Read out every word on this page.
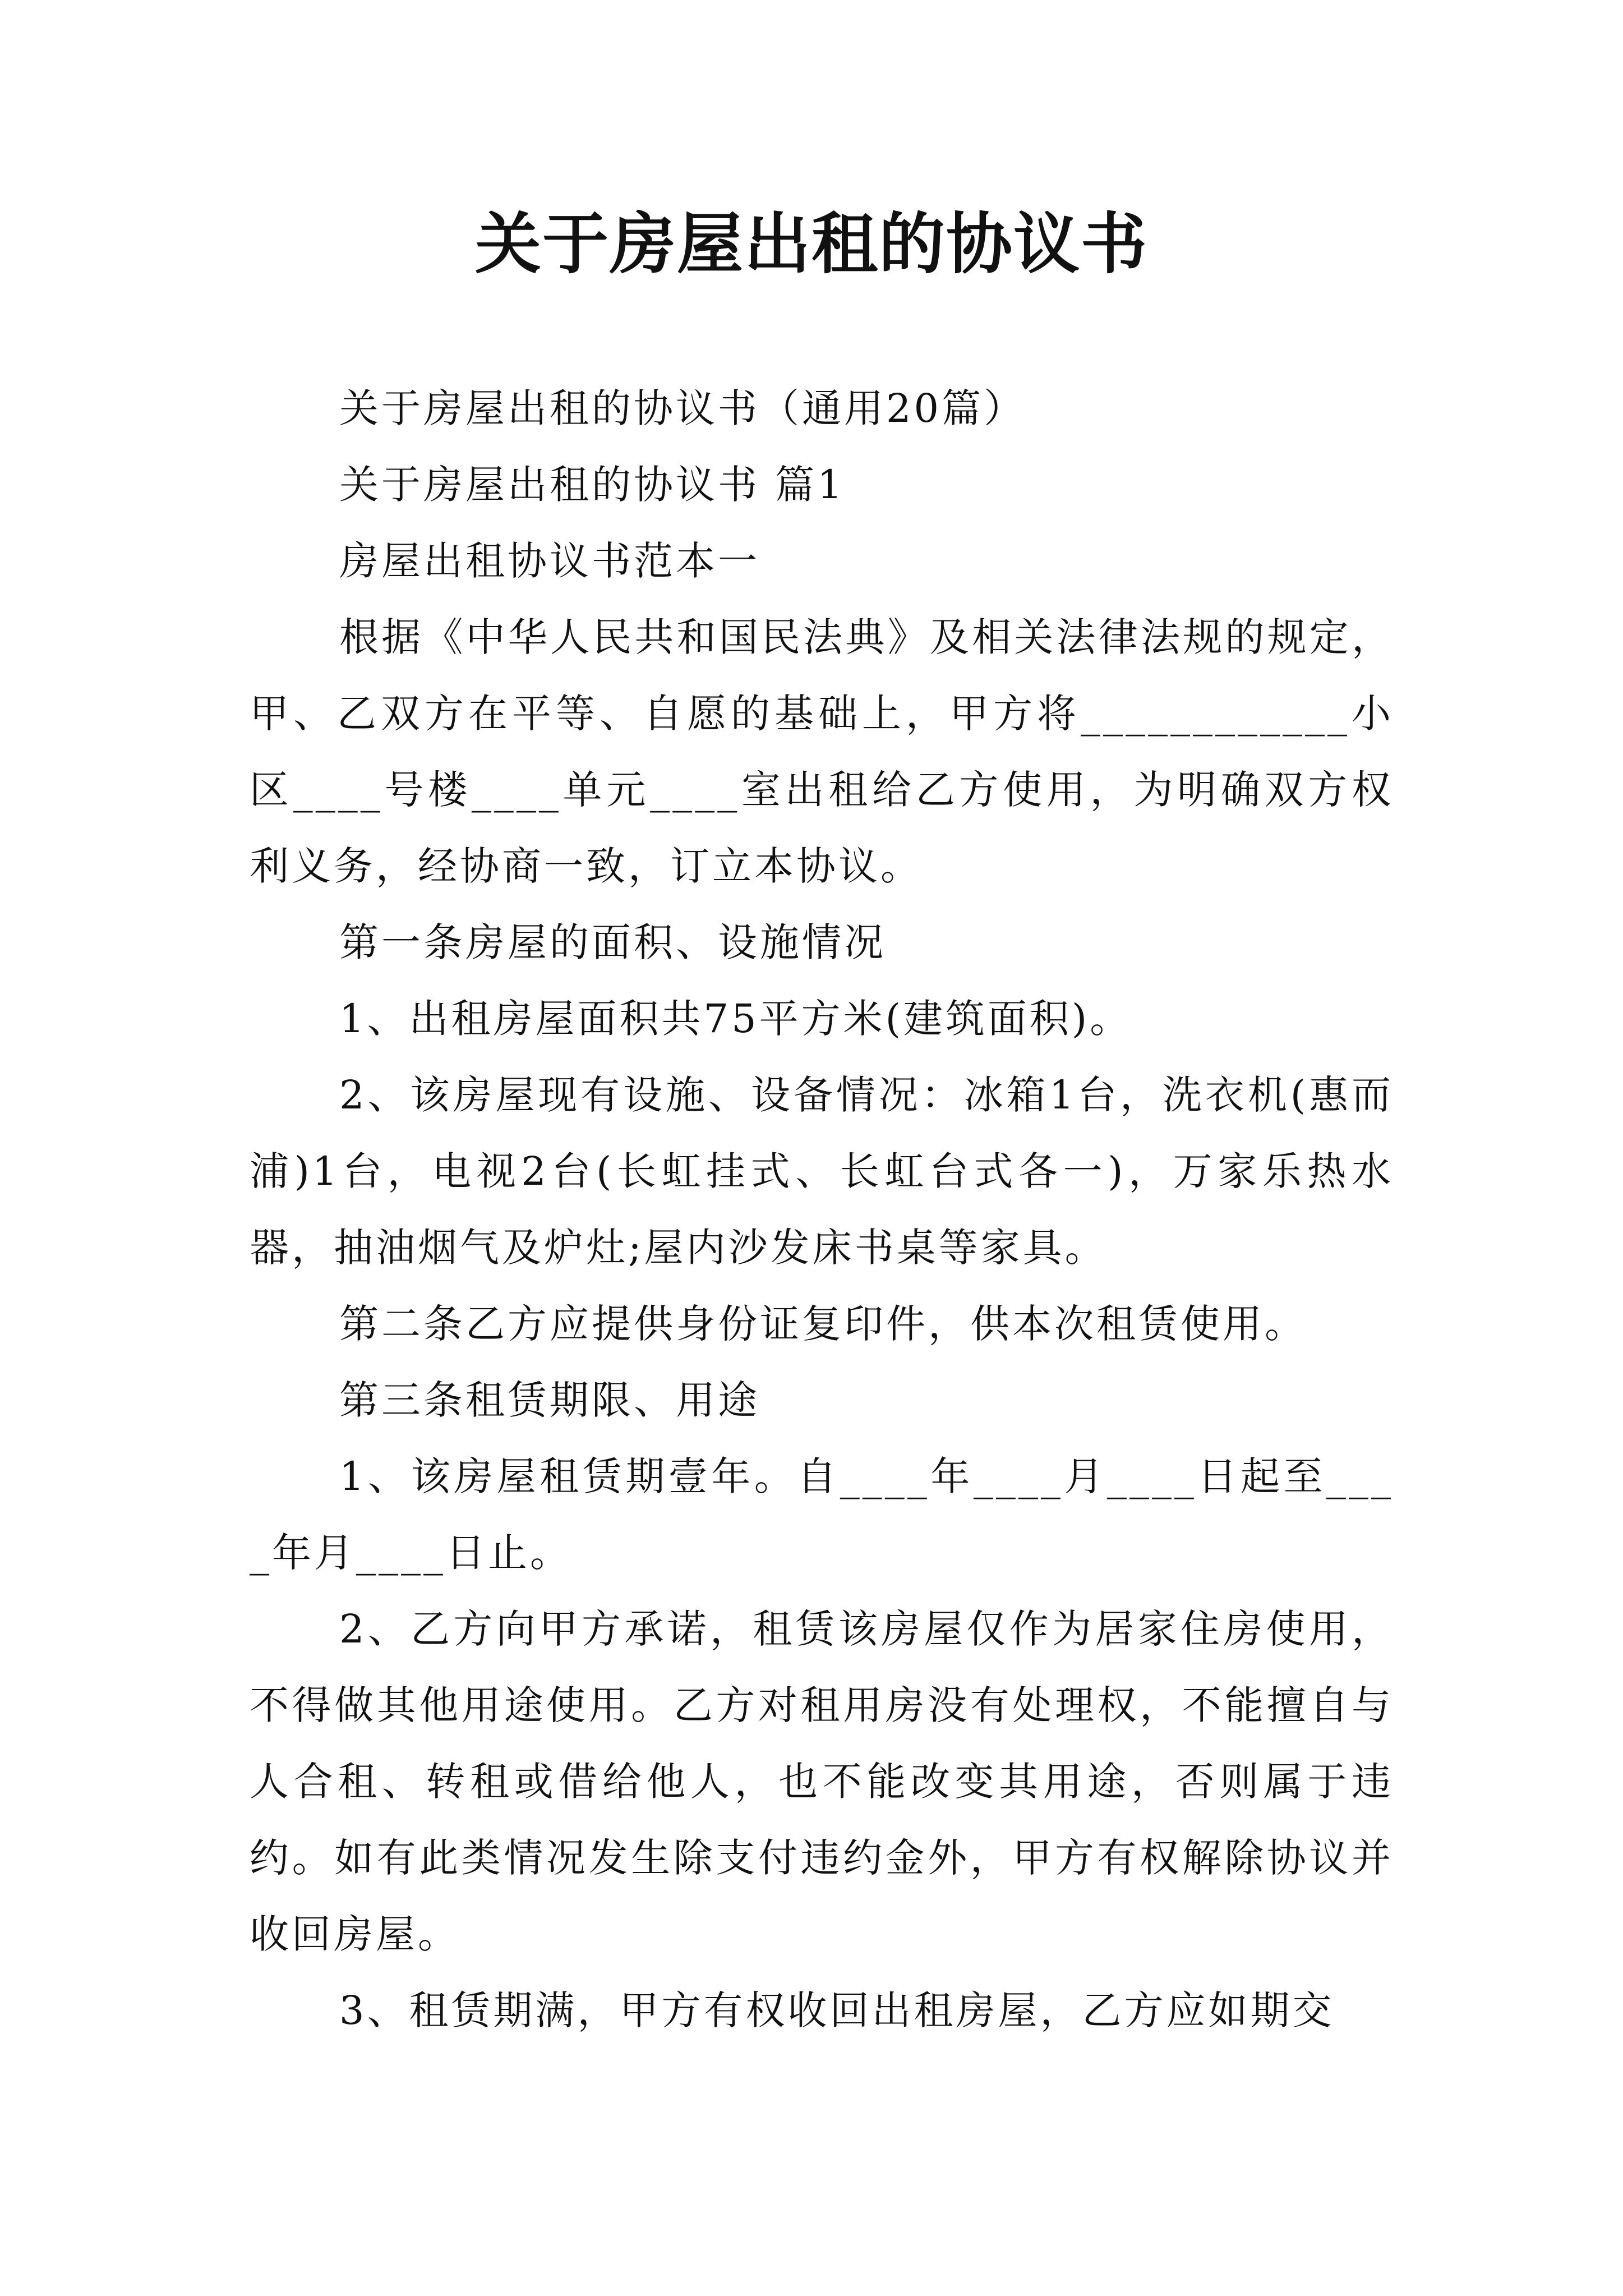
关于房屋出租的协议书

关于房屋出租的协议书（通用20篇）

关于房屋出租的协议书 篇1

房屋出租协议书范本一

根据《中华人民共和国民法典》及相关法律法规的规定，甲、乙双方在平等、自愿的基础上，甲方将____________小区____号楼____单元____室出租给乙方使用，为明确双方权利义务，经协商一致，订立本协议。

第一条房屋的面积、设施情况

1、出租房屋面积共75平方米(建筑面积)。

2、该房屋现有设施、设备情况：冰箱1台，洗衣机(惠而浦)1台，电视2台(长虹挂式、长虹台式各一)，万家乐热水器，抽油烟气及炉灶;屋内沙发床书桌等家具。

第二条乙方应提供身份证复印件，供本次租赁使用。

第三条租赁期限、用途

1、该房屋租赁期壹年。自____年____月____日起至____年月____日止。

2、乙方向甲方承诺，租赁该房屋仅作为居家住房使用，不得做其他用途使用。乙方对租用房没有处理权，不能擅自与人合租、转租或借给他人，也不能改变其用途，否则属于违约。如有此类情况发生除支付违约金外，甲方有权解除协议并收回房屋。

3、租赁期满，甲方有权收回出租房屋，乙方应如期交
